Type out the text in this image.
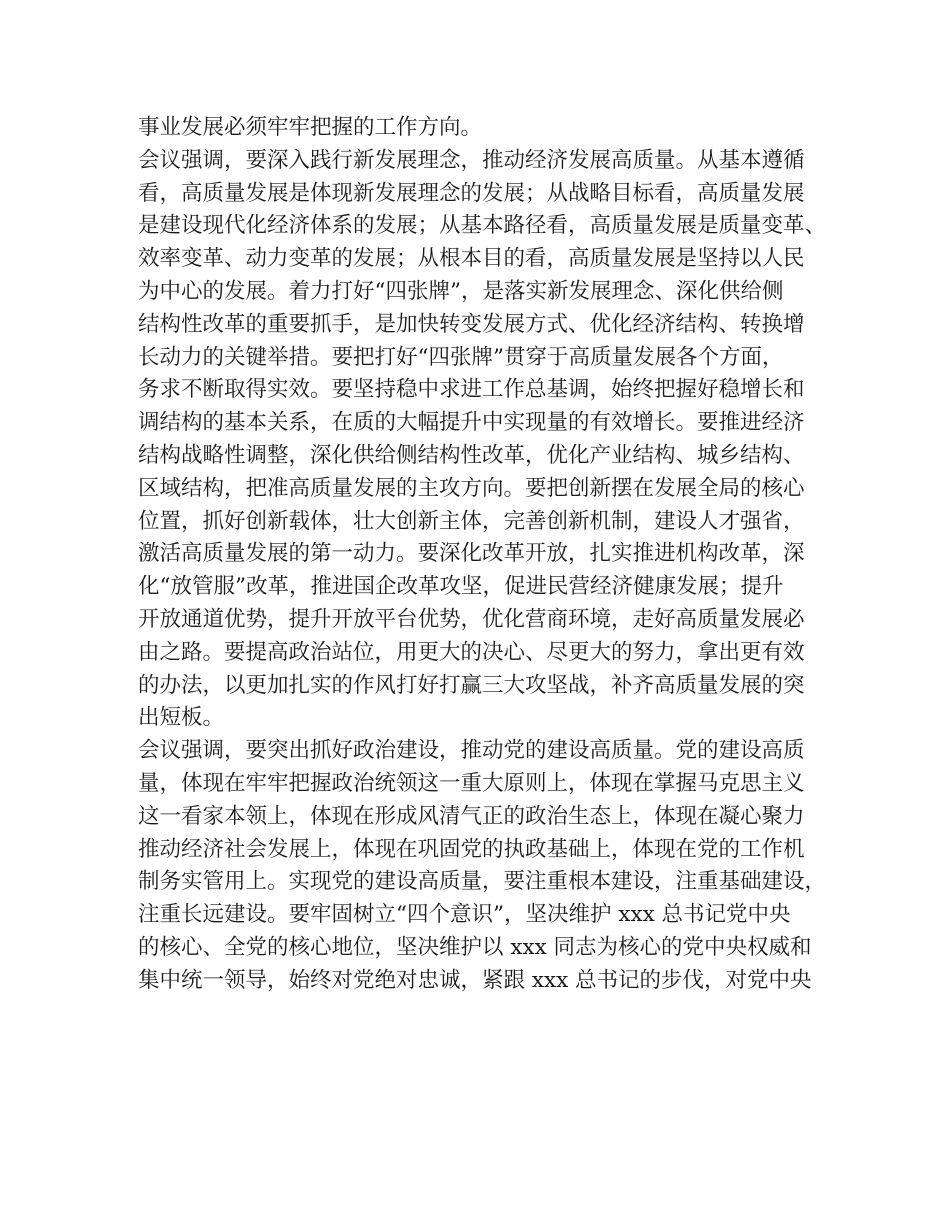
事业发展必须牢牢把握的工作方向。
会议强调，要深入践行新发展理念，推动经济发展高质量。从基本遵循
看，高质量发展是体现新发展理念的发展；从战略目标看，高质量发展
是建设现代化经济体系的发展；从基本路径看，高质量发展是质量变革、
效率变革、动力变革的发展；从根本目的看，高质量发展是坚持以人民
为中心的发展。着力打好“四张牌”，是落实新发展理念、深化供给侧
结构性改革的重要抓手，是加快转变发展方式、优化经济结构、转换增
长动力的关键举措。要把打好“四张牌”贯穿于高质量发展各个方面，
务求不断取得实效。要坚持稳中求进工作总基调，始终把握好稳增长和
调结构的基本关系，在质的大幅提升中实现量的有效增长。要推进经济
结构战略性调整，深化供给侧结构性改革，优化产业结构、城乡结构、
区域结构，把准高质量发展的主攻方向。要把创新摆在发展全局的核心
位置，抓好创新载体，壮大创新主体，完善创新机制，建设人才强省，
激活高质量发展的第一动力。要深化改革开放，扎实推进机构改革，深
化“放管服”改革，推进国企改革攻坚，促进民营经济健康发展；提升
开放通道优势，提升开放平台优势，优化营商环境，走好高质量发展必
由之路。要提高政治站位，用更大的决心、尽更大的努力，拿出更有效
的办法，以更加扎实的作风打好打赢三大攻坚战，补齐高质量发展的突
出短板。
会议强调，要突出抓好政治建设，推动党的建设高质量。党的建设高质
量，体现在牢牢把握政治统领这一重大原则上，体现在掌握马克思主义
这一看家本领上，体现在形成风清气正的政治生态上，体现在凝心聚力
推动经济社会发展上，体现在巩固党的执政基础上，体现在党的工作机
制务实管用上。实现党的建设高质量，要注重根本建设，注重基础建设，
注重长远建设。要牢固树立“四个意识”，坚决维护 xxx 总书记党中央
的核心、全党的核心地位，坚决维护以 xxx 同志为核心的党中央权威和
集中统一领导，始终对党绝对忠诚，紧跟 xxx 总书记的步伐，对党中央
